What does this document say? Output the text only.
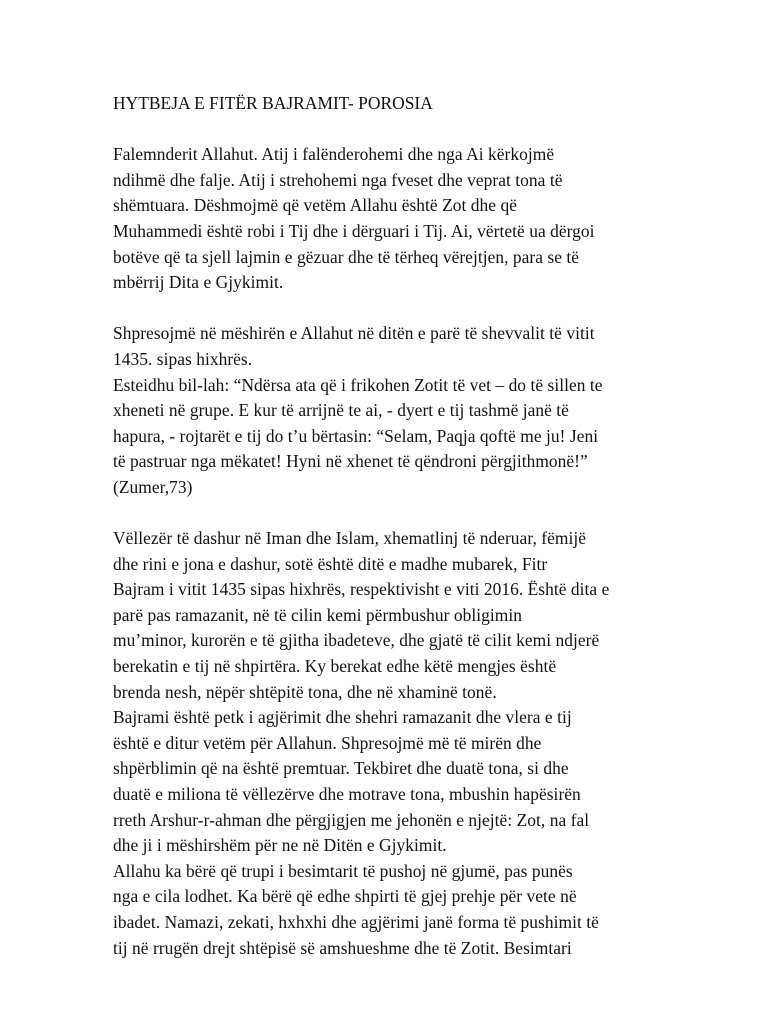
HYTBEJA E FITËR BAJRAMIT- POROSIA
Falemnderit Allahut. Atij i falënderohemi dhe nga Ai kërkojmë
ndihmë dhe falje. Atij i strehohemi nga fveset dhe veprat tona të
shëmtuara. Dëshmojmë që vetëm Allahu është Zot dhe që
Muhammedi është robi i Tij dhe i dërguari i Tij. Ai, vërtetë ua dërgoi
botëve që ta sjell lajmin e gëzuar dhe të tërheq vërejtjen, para se të
mbërrij Dita e Gjykimit.
Shpresojmë në mëshirën e Allahut në ditën e parë të shevvalit të vitit
1435. sipas hixhrës.
Esteidhu bil-lah: “Ndërsa ata që i frikohen Zotit të vet – do të sillen te
xheneti në grupe. E kur të arrijnë te ai, - dyert e tij tashmë janë të
hapura, - rojtarët e tij do t’u bërtasin: “Selam, Paqja qoftë me ju! Jeni
të pastruar nga mëkatet! Hyni në xhenet të qëndroni përgjithmonë!”
(Zumer,73)
Vëllezër të dashur në Iman dhe Islam, xhematlinj të nderuar, fëmijë
dhe rini e jona e dashur, sotë është ditë e madhe mubarek, Fitr
Bajram i vitit 1435 sipas hixhrës, respektivisht e viti 2016. Është dita e
parë pas ramazanit, në të cilin kemi përmbushur obligimin
mu’minor, kurorën e të gjitha ibadeteve, dhe gjatë të cilit kemi ndjerë
berekatin e tij në shpirtëra. Ky berekat edhe këtë mengjes është
brenda nesh, nëpër shtëpitë tona, dhe në xhaminë tonë.
Bajrami është petk i agjërimit dhe shehri ramazanit dhe vlera e tij
është e ditur vetëm për Allahun. Shpresojmë më të mirën dhe
shpërblimin që na është premtuar. Tekbiret dhe duatë tona, si dhe
duatë e miliona të vëllezërve dhe motrave tona, mbushin hapësirën
rreth Arshur-r-ahman dhe përgjigjen me jehonën e njejtë: Zot, na fal
dhe ji i mëshirshëm për ne në Ditën e Gjykimit.
Allahu ka bërë që trupi i besimtarit të pushoj në gjumë, pas punës
nga e cila lodhet. Ka bërë që edhe shpirti të gjej prehje për vete në
ibadet. Namazi, zekati, hxhxhi dhe agjërimi janë forma të pushimit të
tij në rrugën drejt shtëpisë së amshueshme dhe të Zotit. Besimtari
